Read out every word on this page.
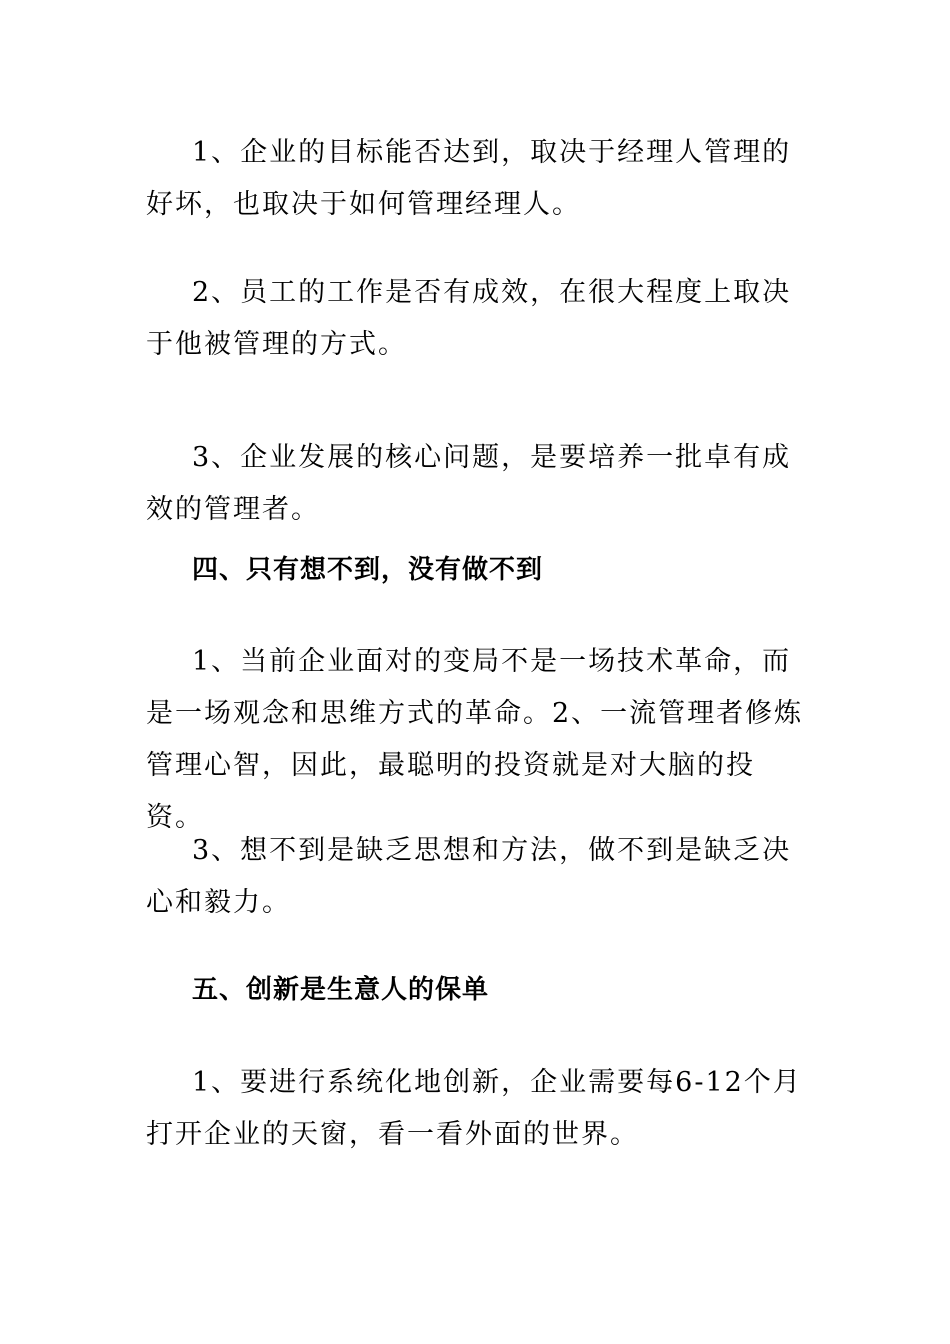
1、企业的目标能否达到，取决于经理人管理的好坏，也取决于如何管理经理人。

2、员工的工作是否有成效，在很大程度上取决于他被管理的方式。

3、企业发展的核心问题，是要培养一批卓有成效的管理者。

四、只有想不到，没有做不到

1、当前企业面对的变局不是一场技术革命，而是一场观念和思维方式的革命。2、一流管理者修炼管理心智，因此，最聪明的投资就是对大脑的投资。

3、想不到是缺乏思想和方法，做不到是缺乏决心和毅力。

五、创新是生意人的保单

1、要进行系统化地创新，企业需要每6-12个月打开企业的天窗，看一看外面的世界。
